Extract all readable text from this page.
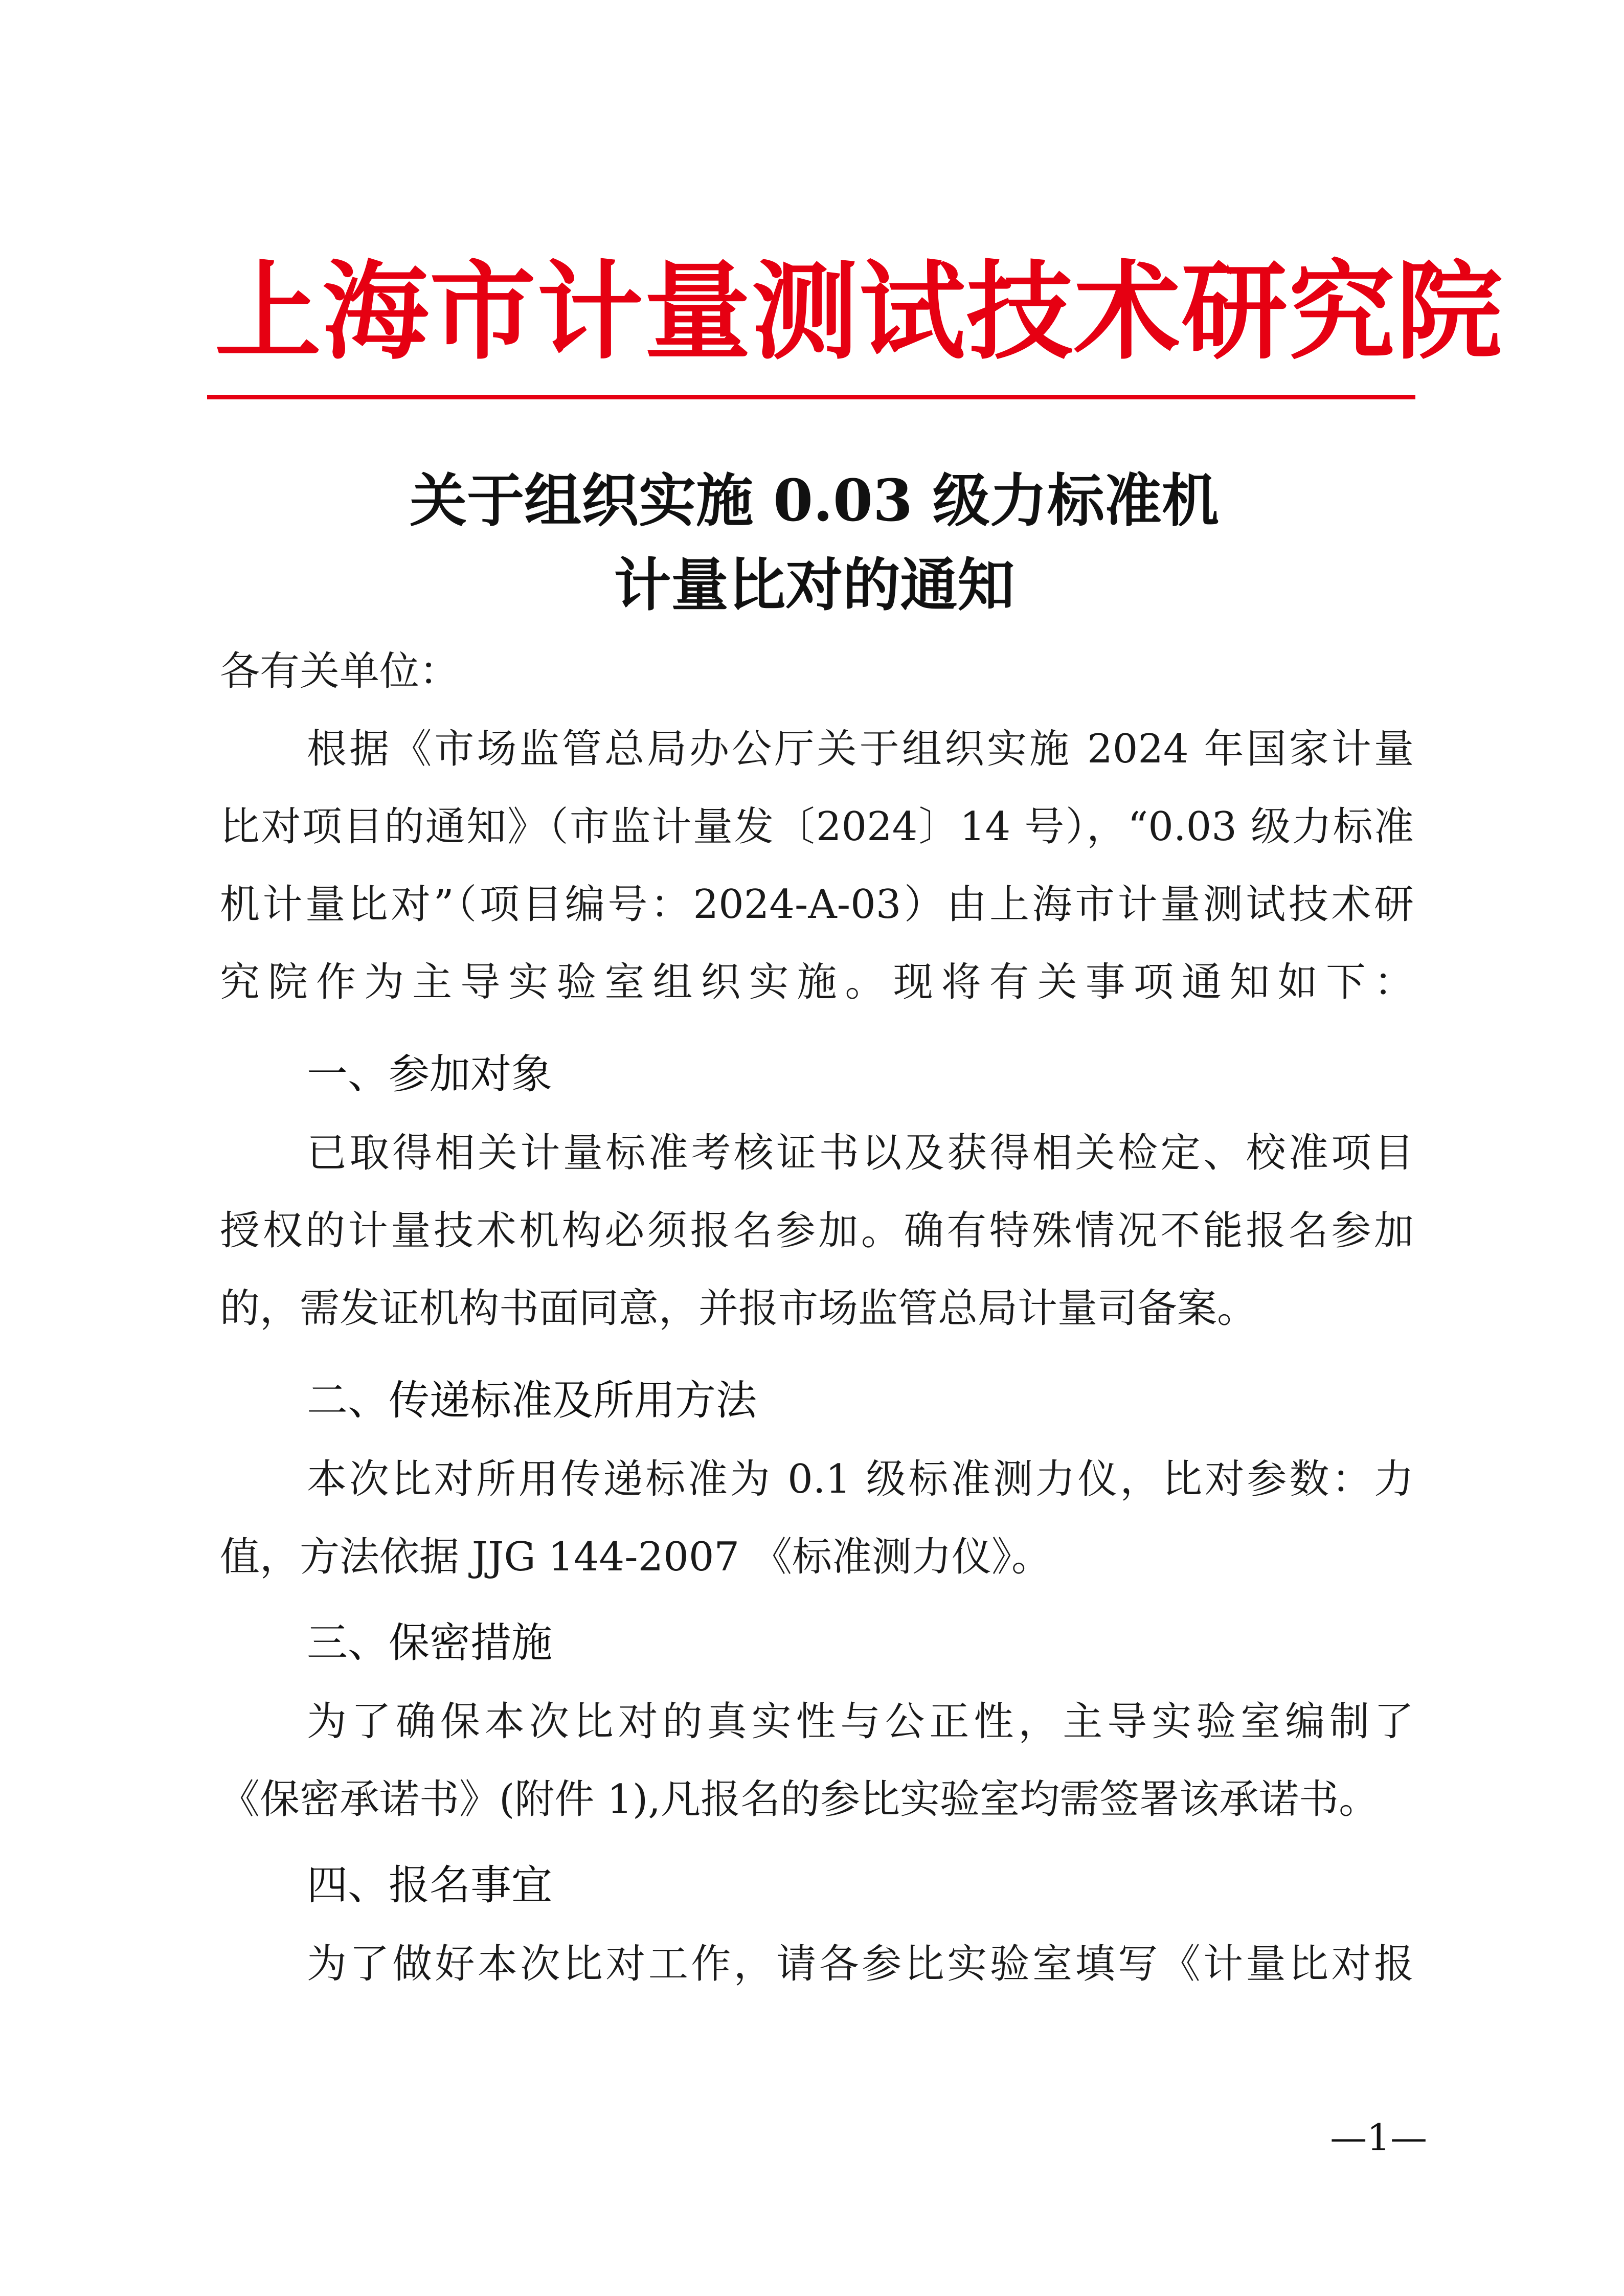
上海市计量测试技术研究院
关于组织实施 0.03 级力标准机
计量比对的通知
各有关单位：
根据《市场监管总局办公厅关于组织实施 2024 年国家计量
比对项目的通知》（市监计量发〔2024〕14 号），“0.03 级力标准
机计量比对”（项目编号：2024-A-03）由上海市计量测试技术研
究院作为主导实验室组织实施。现将有关事项通知如下：
一、参加对象
已取得相关计量标准考核证书以及获得相关检定、校准项目
授权的计量技术机构必须报名参加。确有特殊情况不能报名参加
的，需发证机构书面同意，并报市场监管总局计量司备案。
二、传递标准及所用方法
本次比对所用传递标准为 0.1 级标准测力仪，比对参数：力
值，方法依据 JJG 144-2007 《标准测力仪》。
三、保密措施
为了确保本次比对的真实性与公正性，主导实验室编制了
《保密承诺书》(附件 1),凡报名的参比实验室均需签署该承诺书。
四、报名事宜
为了做好本次比对工作，请各参比实验室填写《计量比对报
—1—
